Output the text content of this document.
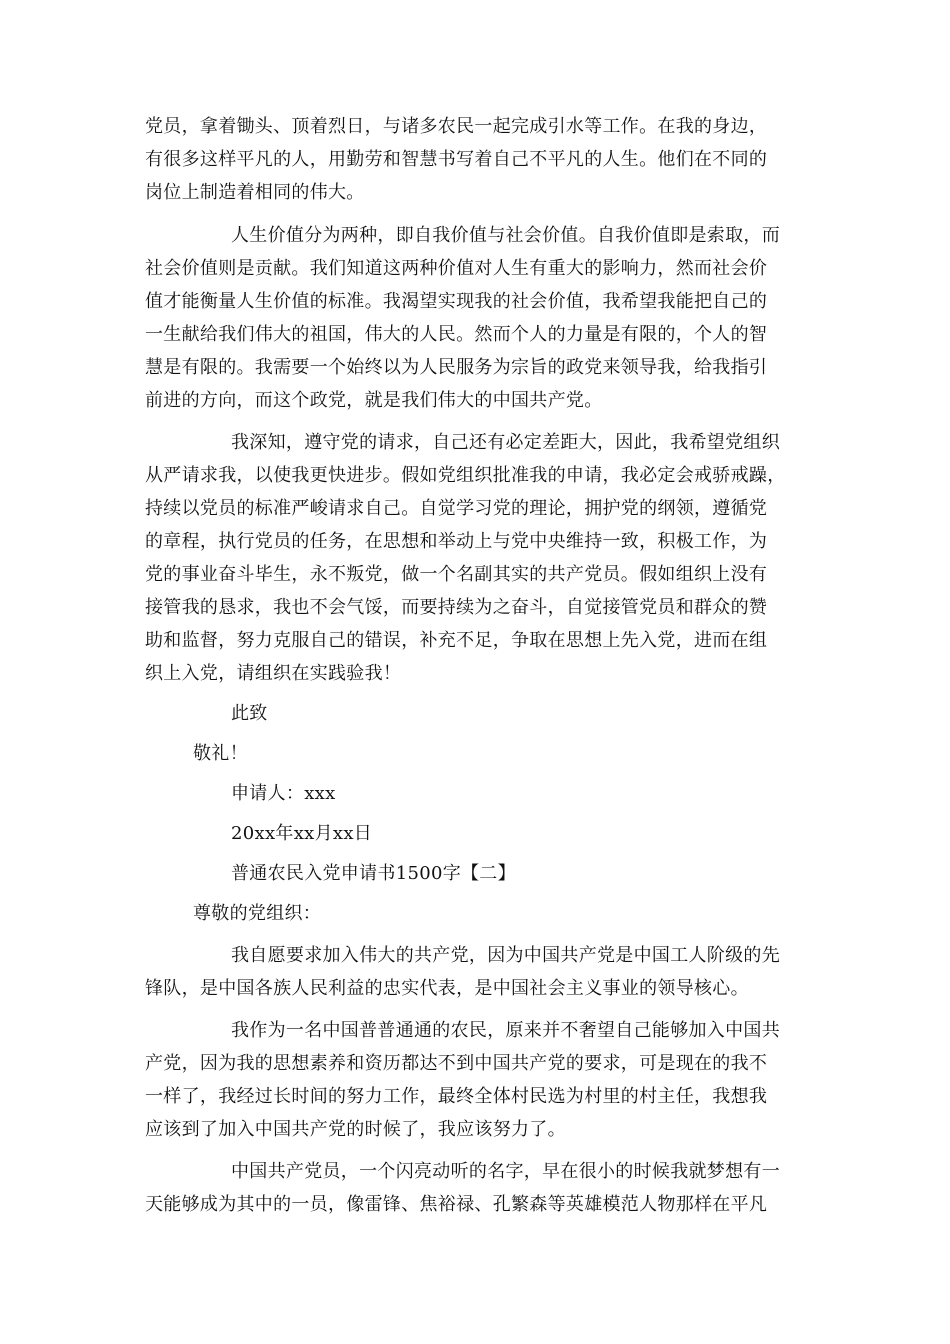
党员，拿着锄头、顶着烈日，与诸多农民一起完成引水等工作。在我的身边，
有很多这样平凡的人，用勤劳和智慧书写着自己不平凡的人生。他们在不同的
岗位上制造着相同的伟大。
人生价值分为两种，即自我价值与社会价值。自我价值即是索取，而
社会价值则是贡献。我们知道这两种价值对人生有重大的影响力，然而社会价
值才能衡量人生价值的标准。我渴望实现我的社会价值，我希望我能把自己的
一生献给我们伟大的祖国，伟大的人民。然而个人的力量是有限的，个人的智
慧是有限的。我需要一个始终以为人民服务为宗旨的政党来领导我，给我指引
前进的方向，而这个政党，就是我们伟大的中国共产党。
我深知，遵守党的请求，自己还有必定差距大，因此，我希望党组织
从严请求我，以使我更快进步。假如党组织批准我的申请，我必定会戒骄戒躁，
持续以党员的标准严峻请求自己。自觉学习党的理论，拥护党的纲领，遵循党
的章程，执行党员的任务，在思想和举动上与党中央维持一致，积极工作，为
党的事业奋斗毕生，永不叛党，做一个名副其实的共产党员。假如组织上没有
接管我的恳求，我也不会气馁，而要持续为之奋斗，自觉接管党员和群众的赞
助和监督，努力克服自己的错误，补充不足，争取在思想上先入党，进而在组
织上入党，请组织在实践验我！
此致
敬礼！
申请人：xxx
20xx年xx月xx日
普通农民入党申请书1500字【二】
尊敬的党组织：
我自愿要求加入伟大的共产党，因为中国共产党是中国工人阶级的先
锋队，是中国各族人民利益的忠实代表，是中国社会主义事业的领导核心。
我作为一名中国普普通通的农民，原来并不奢望自己能够加入中国共
产党，因为我的思想素养和资历都达不到中国共产党的要求，可是现在的我不
一样了，我经过长时间的努力工作，最终全体村民选为村里的村主任，我想我
应该到了加入中国共产党的时候了，我应该努力了。
中国共产党员，一个闪亮动听的名字，早在很小的时候我就梦想有一
天能够成为其中的一员，像雷锋、焦裕禄、孔繁森等英雄模范人物那样在平凡
